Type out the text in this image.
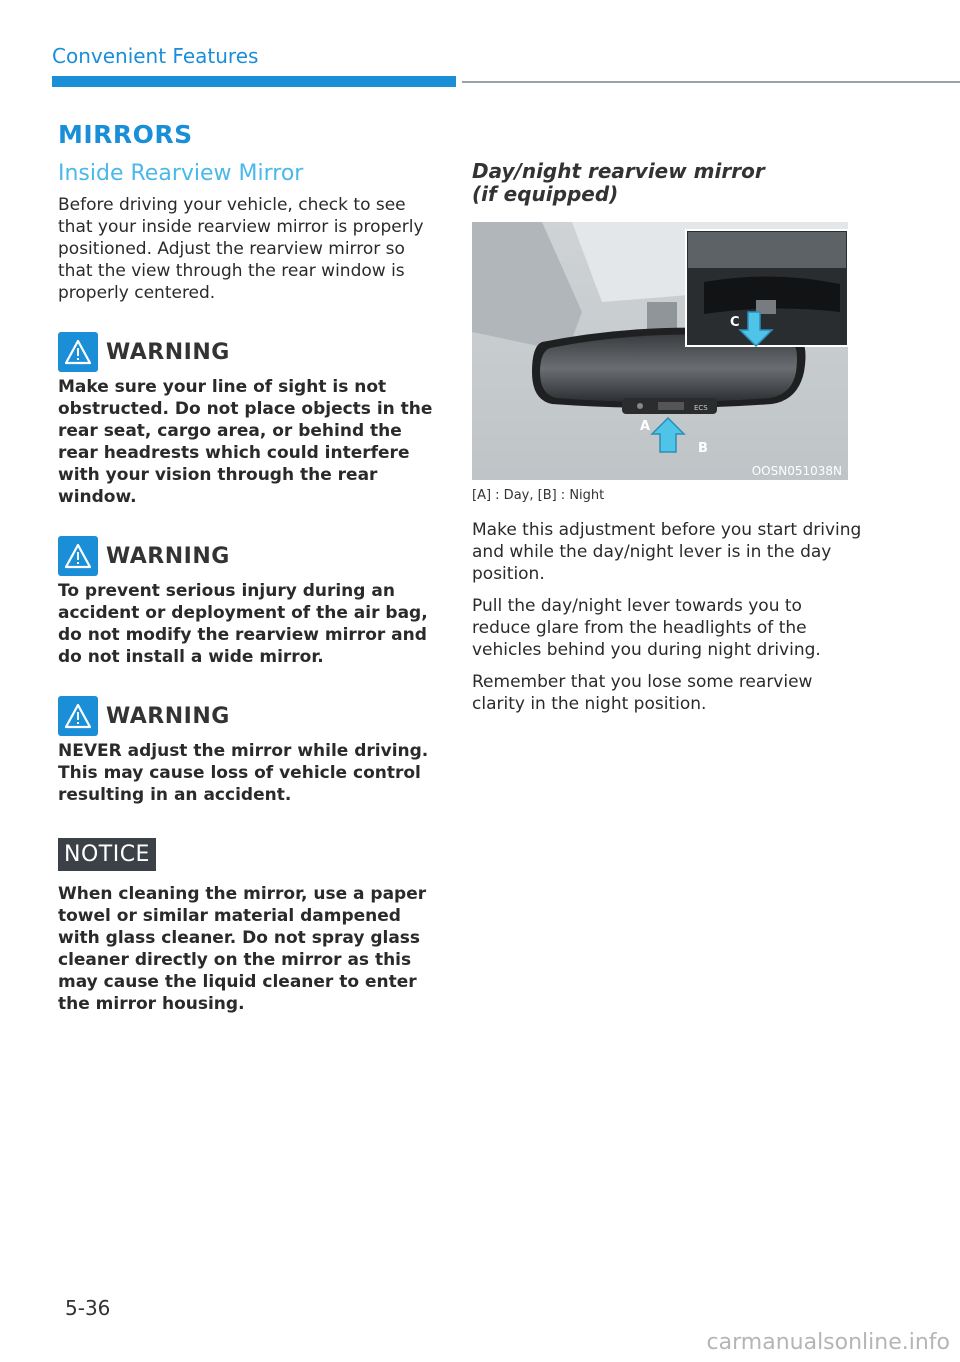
Convenient Features
MIRRORS
Inside Rearview Mirror

Before driving your vehicle, check to see that your inside rearview mirror is properly positioned. Adjust the rearview mirror so that the view through the rear window is properly centered.

WARNING

Make sure your line of sight is not obstructed. Do not place objects in the rear seat, cargo area, or behind the rear headrests which could interfere with your vision through the rear window.

WARNING

To prevent serious injury during an accident or deployment of the air bag, do not modify the rearview mirror and do not install a wide mirror.

WARNING

NEVER adjust the mirror while driving. This may cause loss of vehicle control resulting in an accident.

NOTICE

When cleaning the mirror, use a paper towel or similar material dampened with glass cleaner. Do not spray glass cleaner directly on the mirror as this may cause the liquid cleaner to enter the mirror housing.

Day/night rearview mirror
(if equipped)
ECS
A
B
C
OOSN051038N

[A] : Day, [B] : Night

Make this adjustment before you start driving and while the day/night lever is in the day position.

Pull the day/night lever towards you to reduce glare from the headlights of the vehicles behind you during night driving.

Remember that you lose some rearview clarity in the night position.

5-36
carmanualsonline.info
